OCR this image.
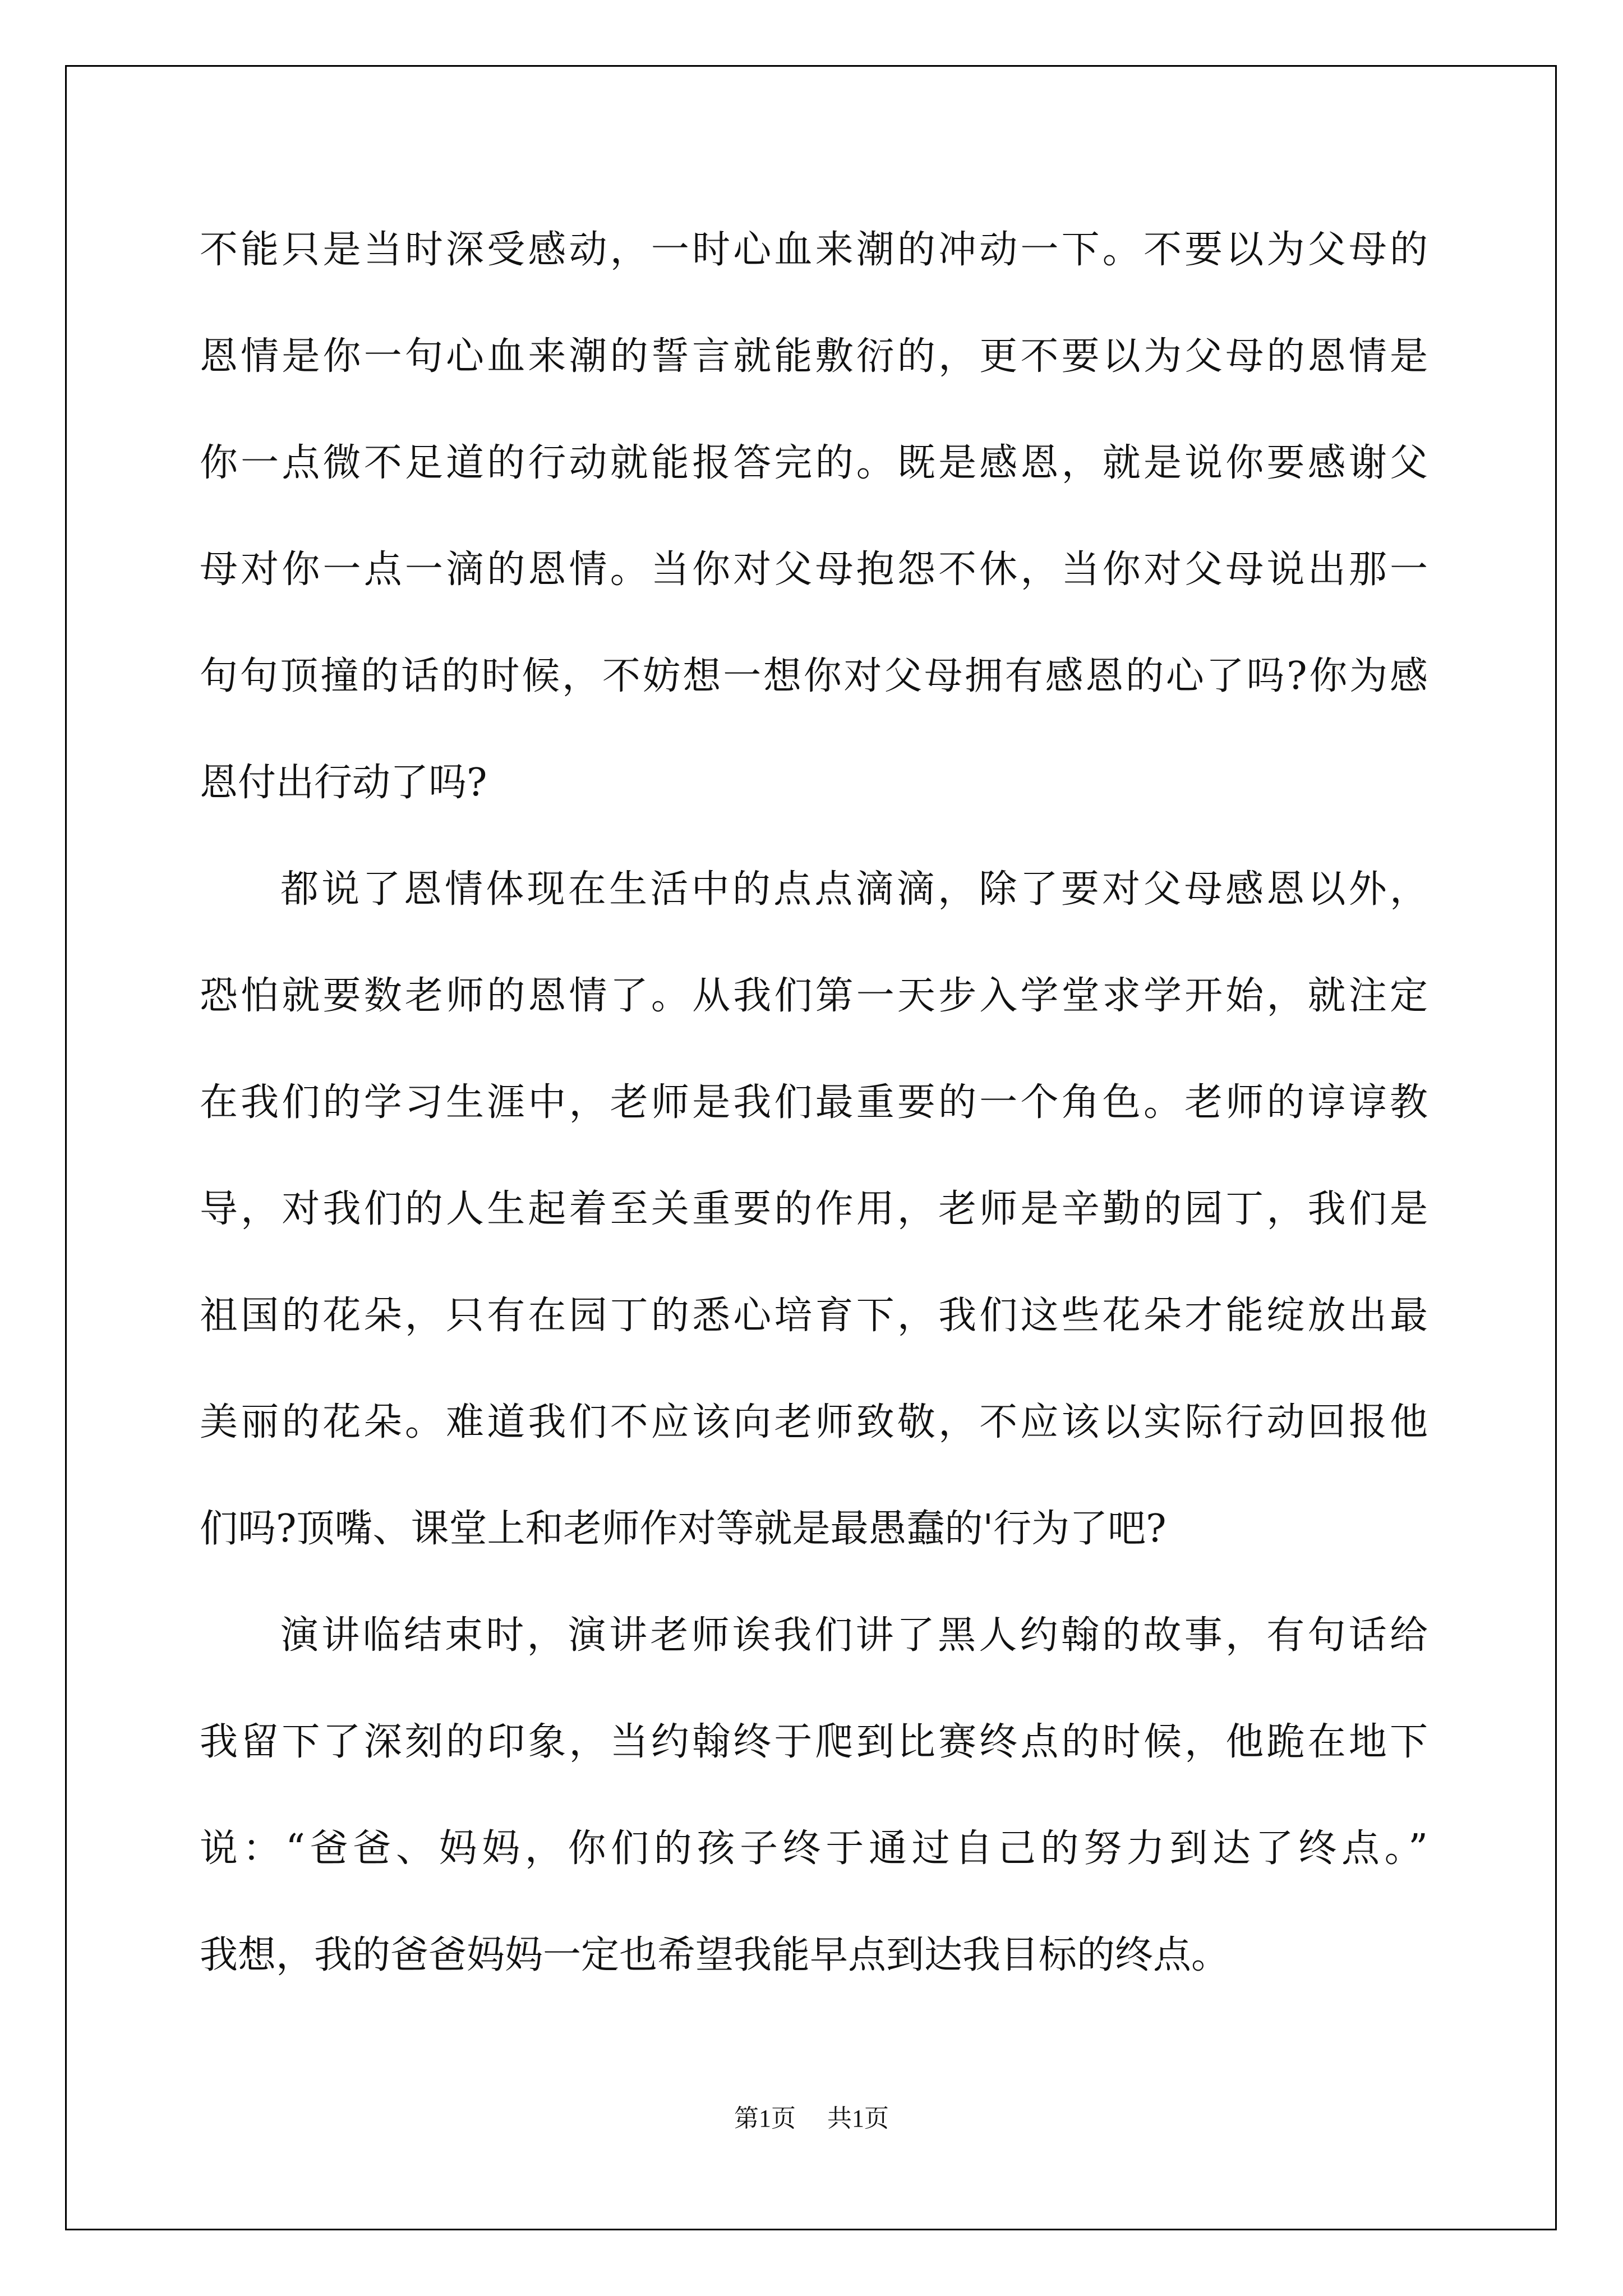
不能只是当时深受感动，一时心血来潮的冲动一下。不要以为父母的
恩情是你一句心血来潮的誓言就能敷衍的，更不要以为父母的恩情是
你一点微不足道的行动就能报答完的。既是感恩，就是说你要感谢父
母对你一点一滴的恩情。当你对父母抱怨不休，当你对父母说出那一
句句顶撞的话的时候，不妨想一想你对父母拥有感恩的心了吗?你为感
恩付出行动了吗?
都说了恩情体现在生活中的点点滴滴，除了要对父母感恩以外，
恐怕就要数老师的恩情了。从我们第一天步入学堂求学开始，就注定
在我们的学习生涯中，老师是我们最重要的一个角色。老师的谆谆教
导，对我们的人生起着至关重要的作用，老师是辛勤的园丁，我们是
祖国的花朵，只有在园丁的悉心培育下，我们这些花朵才能绽放出最
美丽的花朵。难道我们不应该向老师致敬，不应该以实际行动回报他
们吗?顶嘴、课堂上和老师作对等就是最愚蠢的'行为了吧?
演讲临结束时，演讲老师诶我们讲了黑人约翰的故事，有句话给
我留下了深刻的印象，当约翰终于爬到比赛终点的时候，他跪在地下
说：“爸爸、妈妈，你们的孩子终于通过自己的努力到达了终点。”
我想，我的爸爸妈妈一定也希望我能早点到达我目标的终点。
第1页 共1页
